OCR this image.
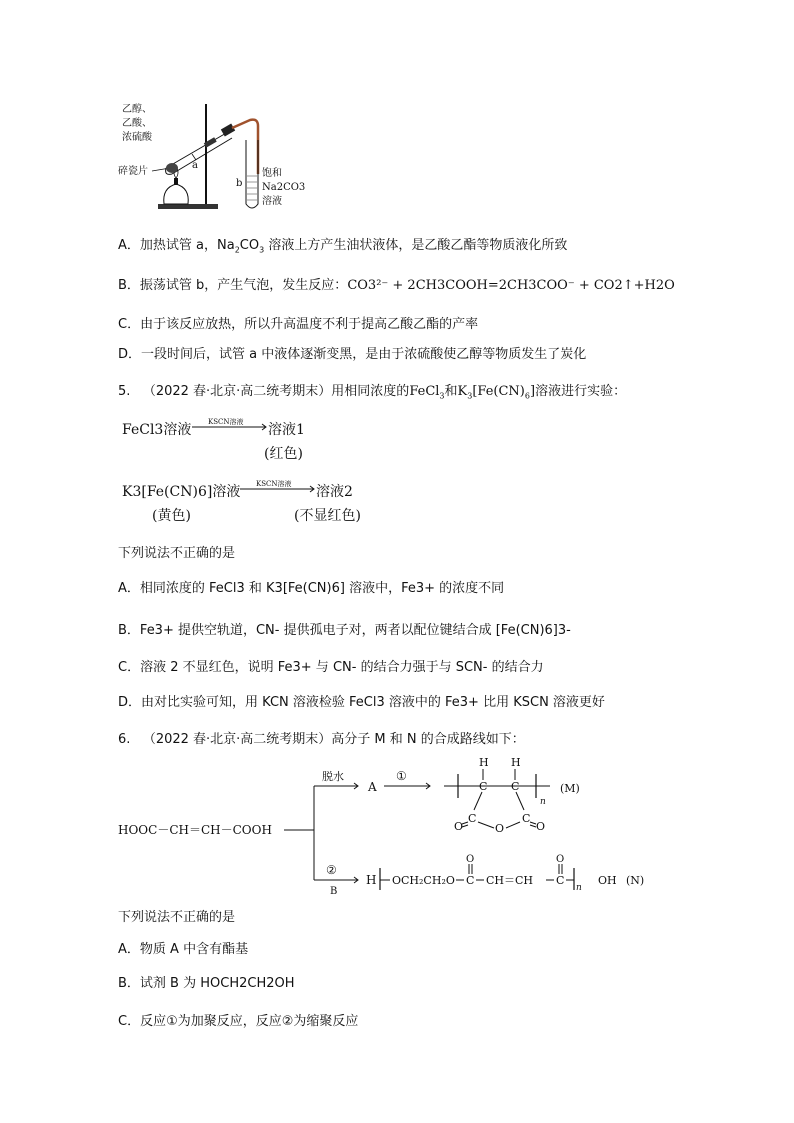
乙醇、
乙酸、
浓硫酸
碎瓷片
a
b
饱和
Na2CO3
溶液
A．加热试管 a，$Na_2CO_3$ 溶液上方产生油状液体，是乙酸乙酯等物质液化所致
B．振荡试管 b，产生气泡，发生反应：CO3²⁻ + 2CH3COOH=2CH3COO⁻ + CO2↑+H2O
C．由于该反应放热，所以升高温度不利于提高乙酸乙酯的产率
D．一段时间后，试管 a 中液体逐渐变黑，是由于浓硫酸使乙醇等物质发生了炭化
5. （2022 春·北京·高二统考期末）用相同浓度的FeCl$_3$和$K_3[Fe(CN)_6]$溶液进行实验：
FeCl3溶液 KSCN溶液 溶液1
(红色)
K3[Fe(CN)6]溶液 KSCN溶液 溶液2
(黄色)	(不显红色)
下列说法不正确的是
A．相同浓度的 FeCl3 和 K3[Fe(CN)6] 溶液中，Fe3+ 的浓度不同
B．Fe3+ 提供空轨道，CN- 提供孤电子对，两者以配位键结合成 [Fe(CN)6]3-
C．溶液 2 不显红色，说明 Fe3+ 与 CN- 的结合力强于与 SCN- 的结合力
D．由对比实验可知，用 KCN 溶液检验 FeCl3 溶液中的 Fe3+ 比用 KSCN 溶液更好
6. （2022 春·北京·高二统考期末）高分子 M 和 N 的合成路线如下：
HOOC－CH＝CH－COOH
脱水
②
B
A
①
C C
H H
C	C
O
O	O
n
(M)
H OCH₂CH₂O C
O
CH＝CH C
O
OH
n
(N)
下列说法不正确的是
A．物质 A 中含有酯基
B．试剂 B 为 HOCH2CH2OH
C．反应①为加聚反应，反应②为缩聚反应
